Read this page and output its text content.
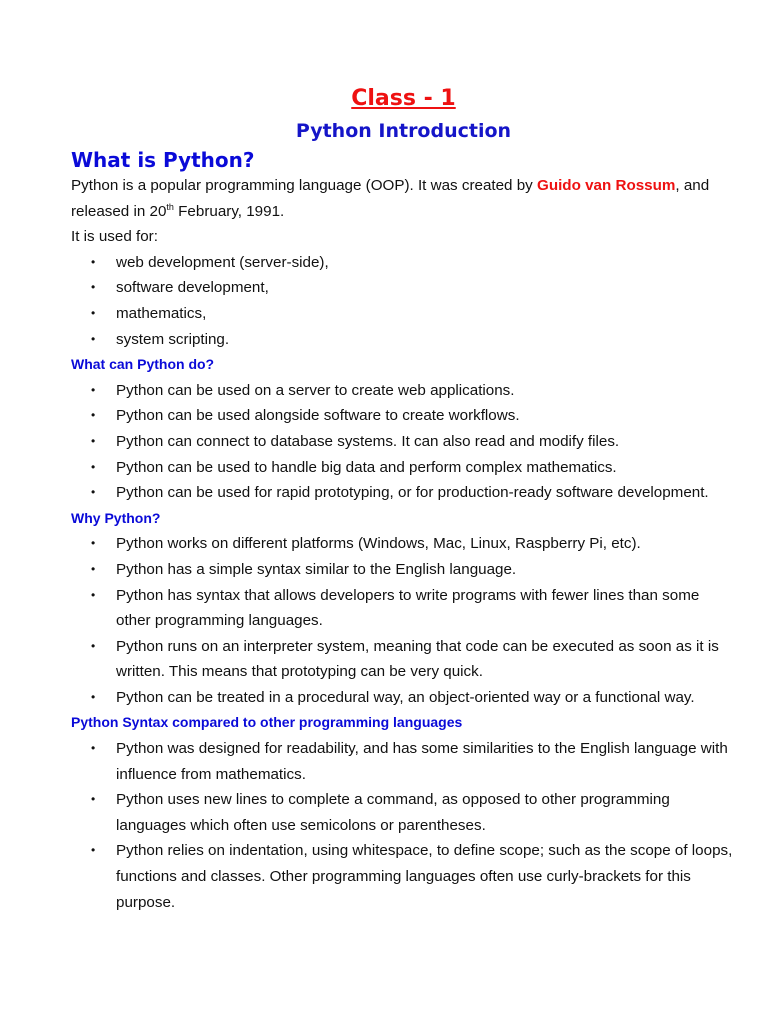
Class - 1
Python Introduction
What is Python?

Python is a popular programming language (OOP). It was created by Guido van Rossum, and
released in 20th February, 1991.

It is used for:

• web development (server-side),
• software development,
• mathematics,
• system scripting.
What can Python do?
• Python can be used on a server to create web applications.
• Python can be used alongside software to create workflows.
• Python can connect to database systems. It can also read and modify files.
• Python can be used to handle big data and perform complex mathematics.
• Python can be used for rapid prototyping, or for production-ready software development.
Why Python?
• Python works on different platforms (Windows, Mac, Linux, Raspberry Pi, etc).
• Python has a simple syntax similar to the English language.
• Python has syntax that allows developers to write programs with fewer lines than some other programming languages.
• Python runs on an interpreter system, meaning that code can be executed as soon as it is written. This means that prototyping can be very quick.
• Python can be treated in a procedural way, an object-oriented way or a functional way.
Python Syntax compared to other programming languages
• Python was designed for readability, and has some similarities to the English language with influence from mathematics.
• Python uses new lines to complete a command, as opposed to other programming languages which often use semicolons or parentheses.
• Python relies on indentation, using whitespace, to define scope; such as the scope of loops, functions and classes. Other programming languages often use curly-brackets for this purpose.
